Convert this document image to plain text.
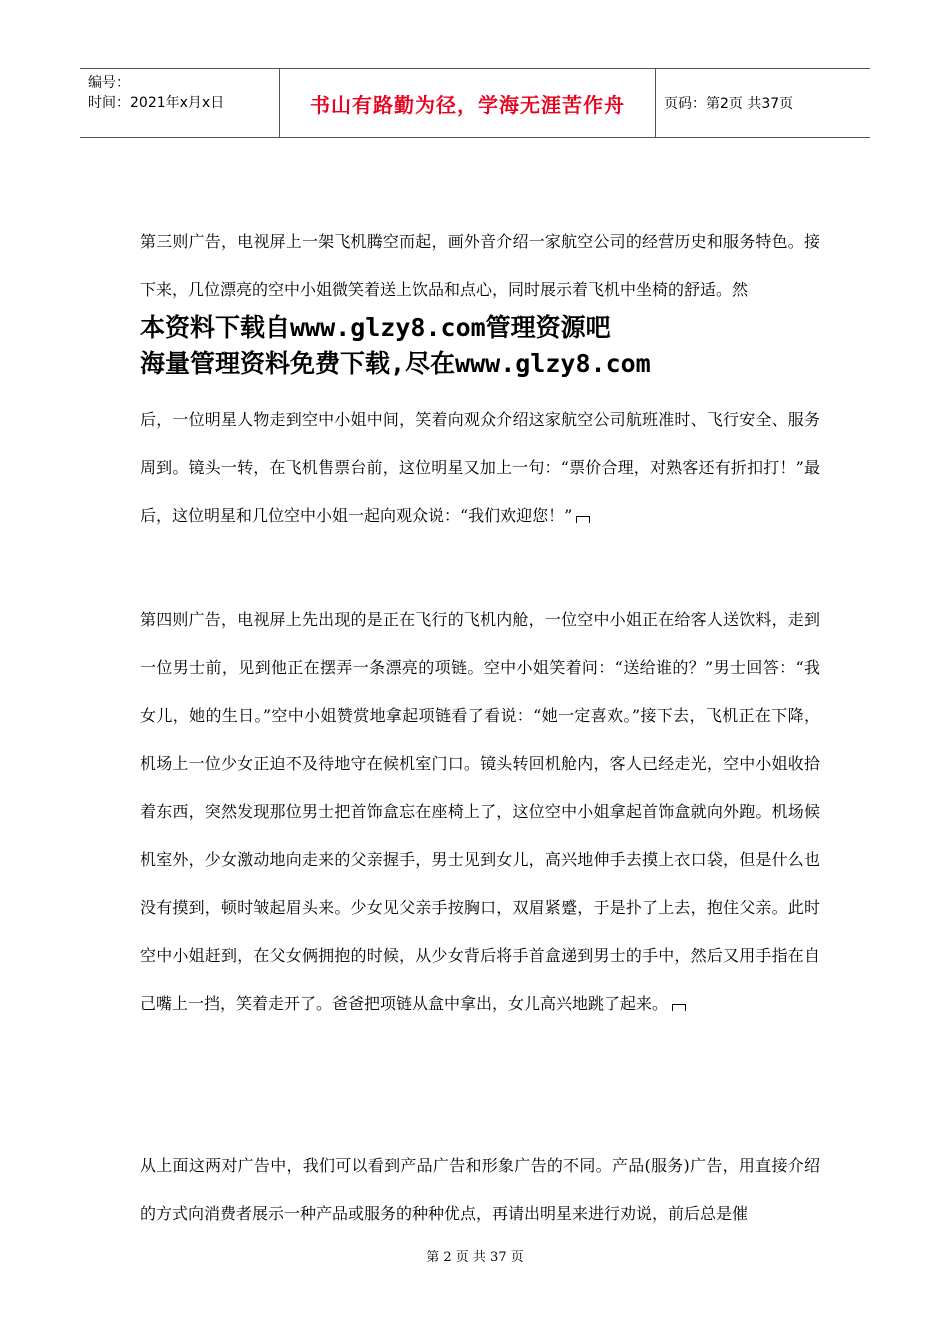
编号：
时间：2021年x月x日	书山有路勤为径，学海无涯苦作舟	页码：第2页 共37页
第三则广告，电视屏上一架飞机腾空而起，画外音介绍一家航空公司的经营历史和服务特色。接下来，几位漂亮的空中小姐微笑着送上饮品和点心，同时展示着飞机中坐椅的舒适。然
本资料下载自www.glzy8.com管理资源吧
海量管理资料免费下载,尽在www.glzy8.com
后，一位明星人物走到空中小姐中间，笑着向观众介绍这家航空公司航班准时、飞行安全、服务周到。镜头一转，在飞机售票台前，这位明星又加上一句：“票价合理，对熟客还有折扣打！”最后，这位明星和几位空中小姐一起向观众说：“我们欢迎您！”
第四则广告，电视屏上先出现的是正在飞行的飞机内舱，一位空中小姐正在给客人送饮料，走到一位男士前，见到他正在摆弄一条漂亮的项链。空中小姐笑着问：“送给谁的？”男士回答：“我女儿，她的生日。”空中小姐赞赏地拿起项链看了看说：“她一定喜欢。”接下去，飞机正在下降，机场上一位少女正迫不及待地守在候机室门口。镜头转回机舱内，客人已经走光，空中小姐收拾着东西，突然发现那位男士把首饰盒忘在座椅上了，这位空中小姐拿起首饰盒就向外跑。机场候机室外，少女激动地向走来的父亲握手，男士见到女儿，高兴地伸手去摸上衣口袋，但是什么也没有摸到，顿时皱起眉头来。少女见父亲手按胸口，双眉紧蹙，于是扑了上去，抱住父亲。此时空中小姐赶到，在父女俩拥抱的时候，从少女背后将手首盒递到男士的手中，然后又用手指在自己嘴上一挡，笑着走开了。爸爸把项链从盒中拿出，女儿高兴地跳了起来。
从上面这两对广告中，我们可以看到产品广告和形象广告的不同。产品(服务)广告，用直接介绍的方式向消费者展示一种产品或服务的种种优点，再请出明星来进行劝说，前后总是催
第 2 页 共 37 页
